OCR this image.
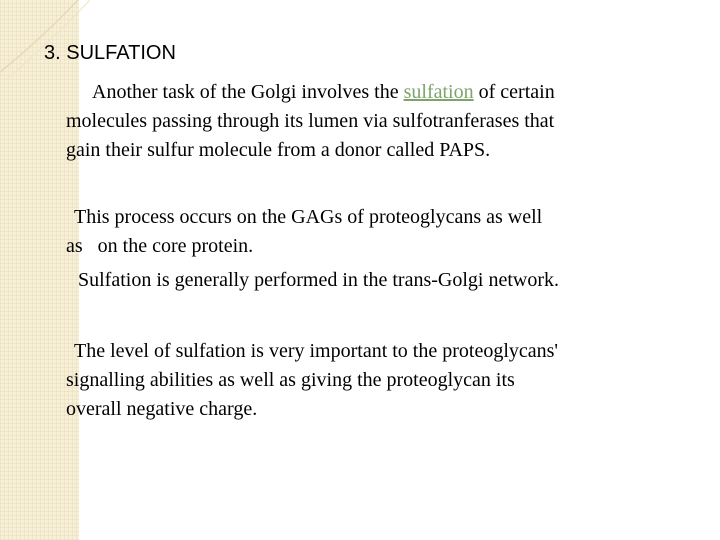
3. SULFATION
Another task of the Golgi involves the sulfation of certain
molecules passing through its lumen via sulfotranferases that
gain their sulfur molecule from a donor called PAPS.
This process occurs on the GAGs of proteoglycans as well
as   on the core protein.
Sulfation is generally performed in the trans-Golgi network.
The level of sulfation is very important to the proteoglycans'
signalling abilities as well as giving the proteoglycan its
overall negative charge.
